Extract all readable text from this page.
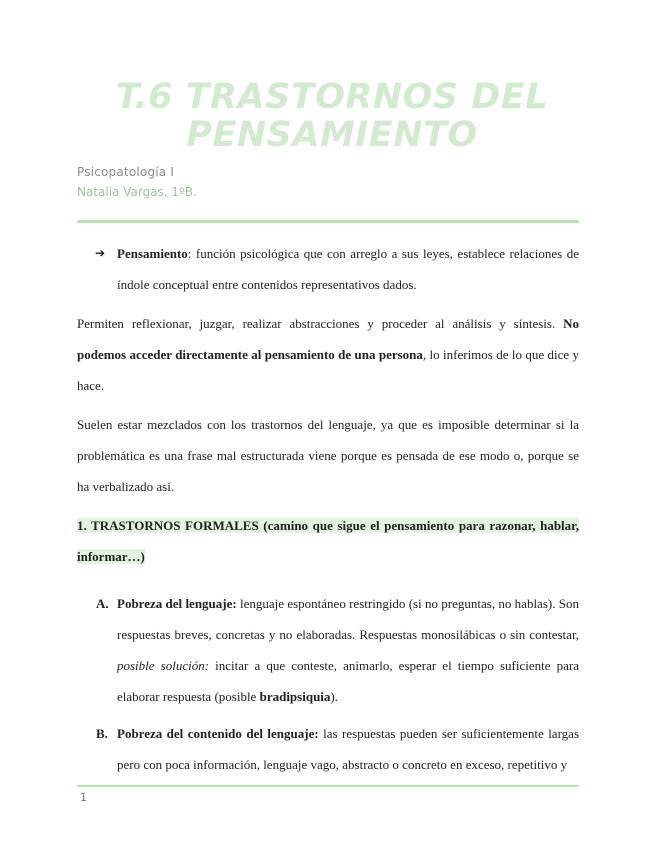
T.6 TRASTORNOS DEL PENSAMIENTO
Psicopatología I
Natalia Vargas, 1ºB.
➔ Pensamiento: función psicológica que con arreglo a sus leyes, establece relaciones de índole conceptual entre contenidos representativos dados.

Permiten reflexionar, juzgar, realizar abstracciones y proceder al análisis y síntesis. No podemos acceder directamente al pensamiento de una persona, lo inferimos de lo que dice y hace.

Suelen estar mezclados con los trastornos del lenguaje, ya que es imposible determinar si la problemática es una frase mal estructurada viene porque es pensada de ese modo o, porque se ha verbalizado así.

1. TRASTORNOS FORMALES (camino que sigue el pensamiento para razonar, hablar, informar…)
A. Pobreza del lenguaje: lenguaje espontáneo restringido (si no preguntas, no hablas). Son respuestas breves, concretas y no elaboradas. Respuestas monosilábicas o sin contestar, posible solución: incitar a que conteste, animarlo, esperar el tiempo suficiente para elaborar respuesta (posible bradipsiquia).
B. Pobreza del contenido del lenguaje: las respuestas pueden ser suficientemente largas pero con poca información, lenguaje vago, abstracto o concreto en exceso, repetitivo y
1
